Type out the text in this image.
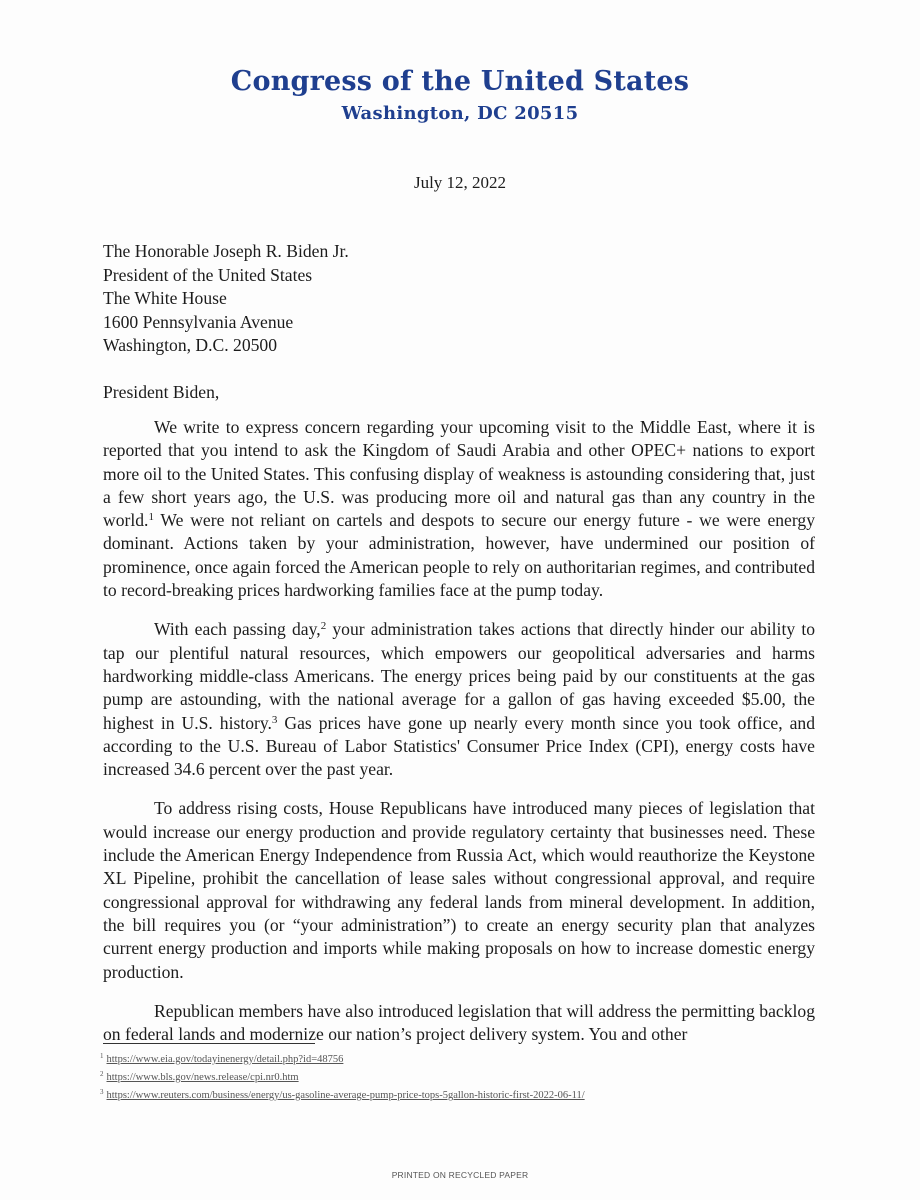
Congress of the United States
Washington, DC 20515
July 12, 2022
The Honorable Joseph R. Biden Jr.
President of the United States
The White House
1600 Pennsylvania Avenue
Washington, D.C. 20500
President Biden,

We write to express concern regarding your upcoming visit to the Middle East, where it is reported that you intend to ask the Kingdom of Saudi Arabia and other OPEC+ nations to export more oil to the United States. This confusing display of weakness is astounding considering that, just a few short years ago, the U.S. was producing more oil and natural gas than any country in the world.$^1$ We were not reliant on cartels and despots to secure our energy future - we were energy dominant. Actions taken by your administration, however, have undermined our position of prominence, once again forced the American people to rely on authoritarian regimes, and contributed to record-breaking prices hardworking families face at the pump today.

With each passing day,$^2$ your administration takes actions that directly hinder our ability to tap our plentiful natural resources, which empowers our geopolitical adversaries and harms hardworking middle-class Americans. The energy prices being paid by our constituents at the gas pump are astounding, with the national average for a gallon of gas having exceeded $5.00, the highest in U.S. history.$^3$ Gas prices have gone up nearly every month since you took office, and according to the U.S. Bureau of Labor Statistics' Consumer Price Index (CPI), energy costs have increased 34.6 percent over the past year.

To address rising costs, House Republicans have introduced many pieces of legislation that would increase our energy production and provide regulatory certainty that businesses need. These include the American Energy Independence from Russia Act, which would reauthorize the Keystone XL Pipeline, prohibit the cancellation of lease sales without congressional approval, and require congressional approval for withdrawing any federal lands from mineral development. In addition, the bill requires you (or “your administration”) to create an energy security plan that analyzes current energy production and imports while making proposals on how to increase domestic energy production.

Republican members have also introduced legislation that will address the permitting backlog on federal lands and modernize our nation’s project delivery system. You and other

$^1$ https://www.eia.gov/todayinenergy/detail.php?id=48756
$^2$ https://www.bls.gov/news.release/cpi.nr0.htm
$^3$ https://www.reuters.com/business/energy/us-gasoline-average-pump-price-tops-5gallon-historic-first-2022-06-11/
PRINTED ON RECYCLED PAPER
